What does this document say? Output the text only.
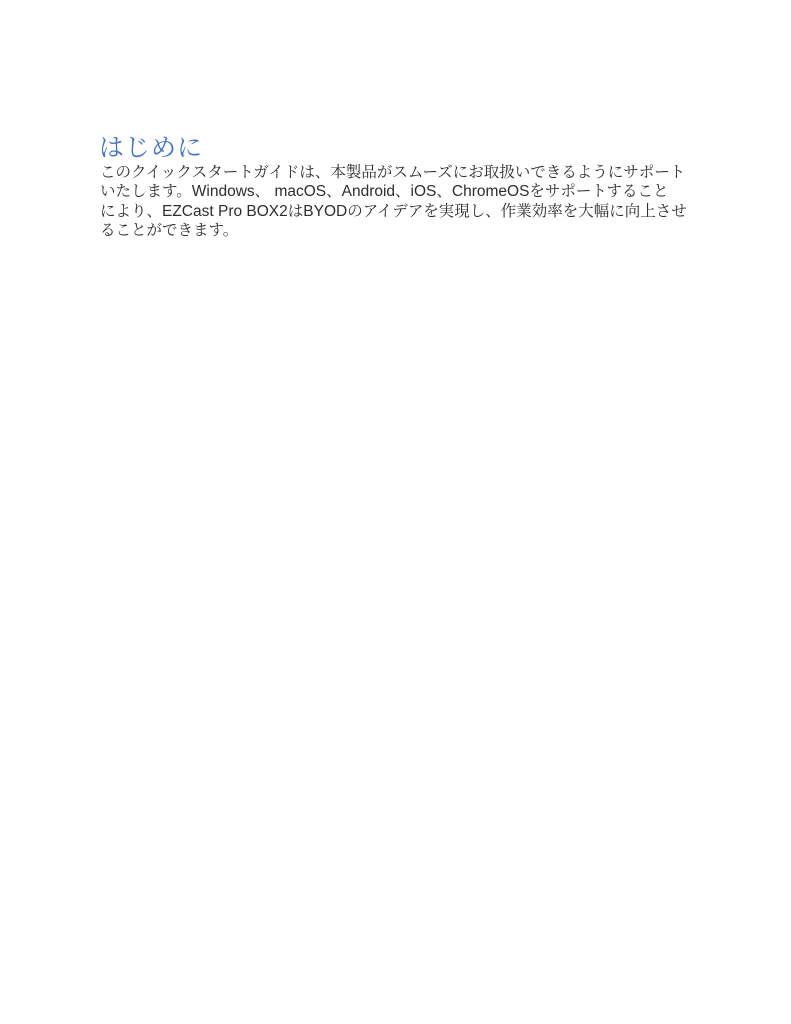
はじめに
このクイックスタートガイドは、本製品がスムーズにお取扱いできるようにサポート
いたします。Windows、 macOS、Android、iOS、ChromeOSをサポートすること
により、EZCast Pro BOX2はBYODのアイデアを実現し、作業効率を大幅に向上させ
ることができます。
